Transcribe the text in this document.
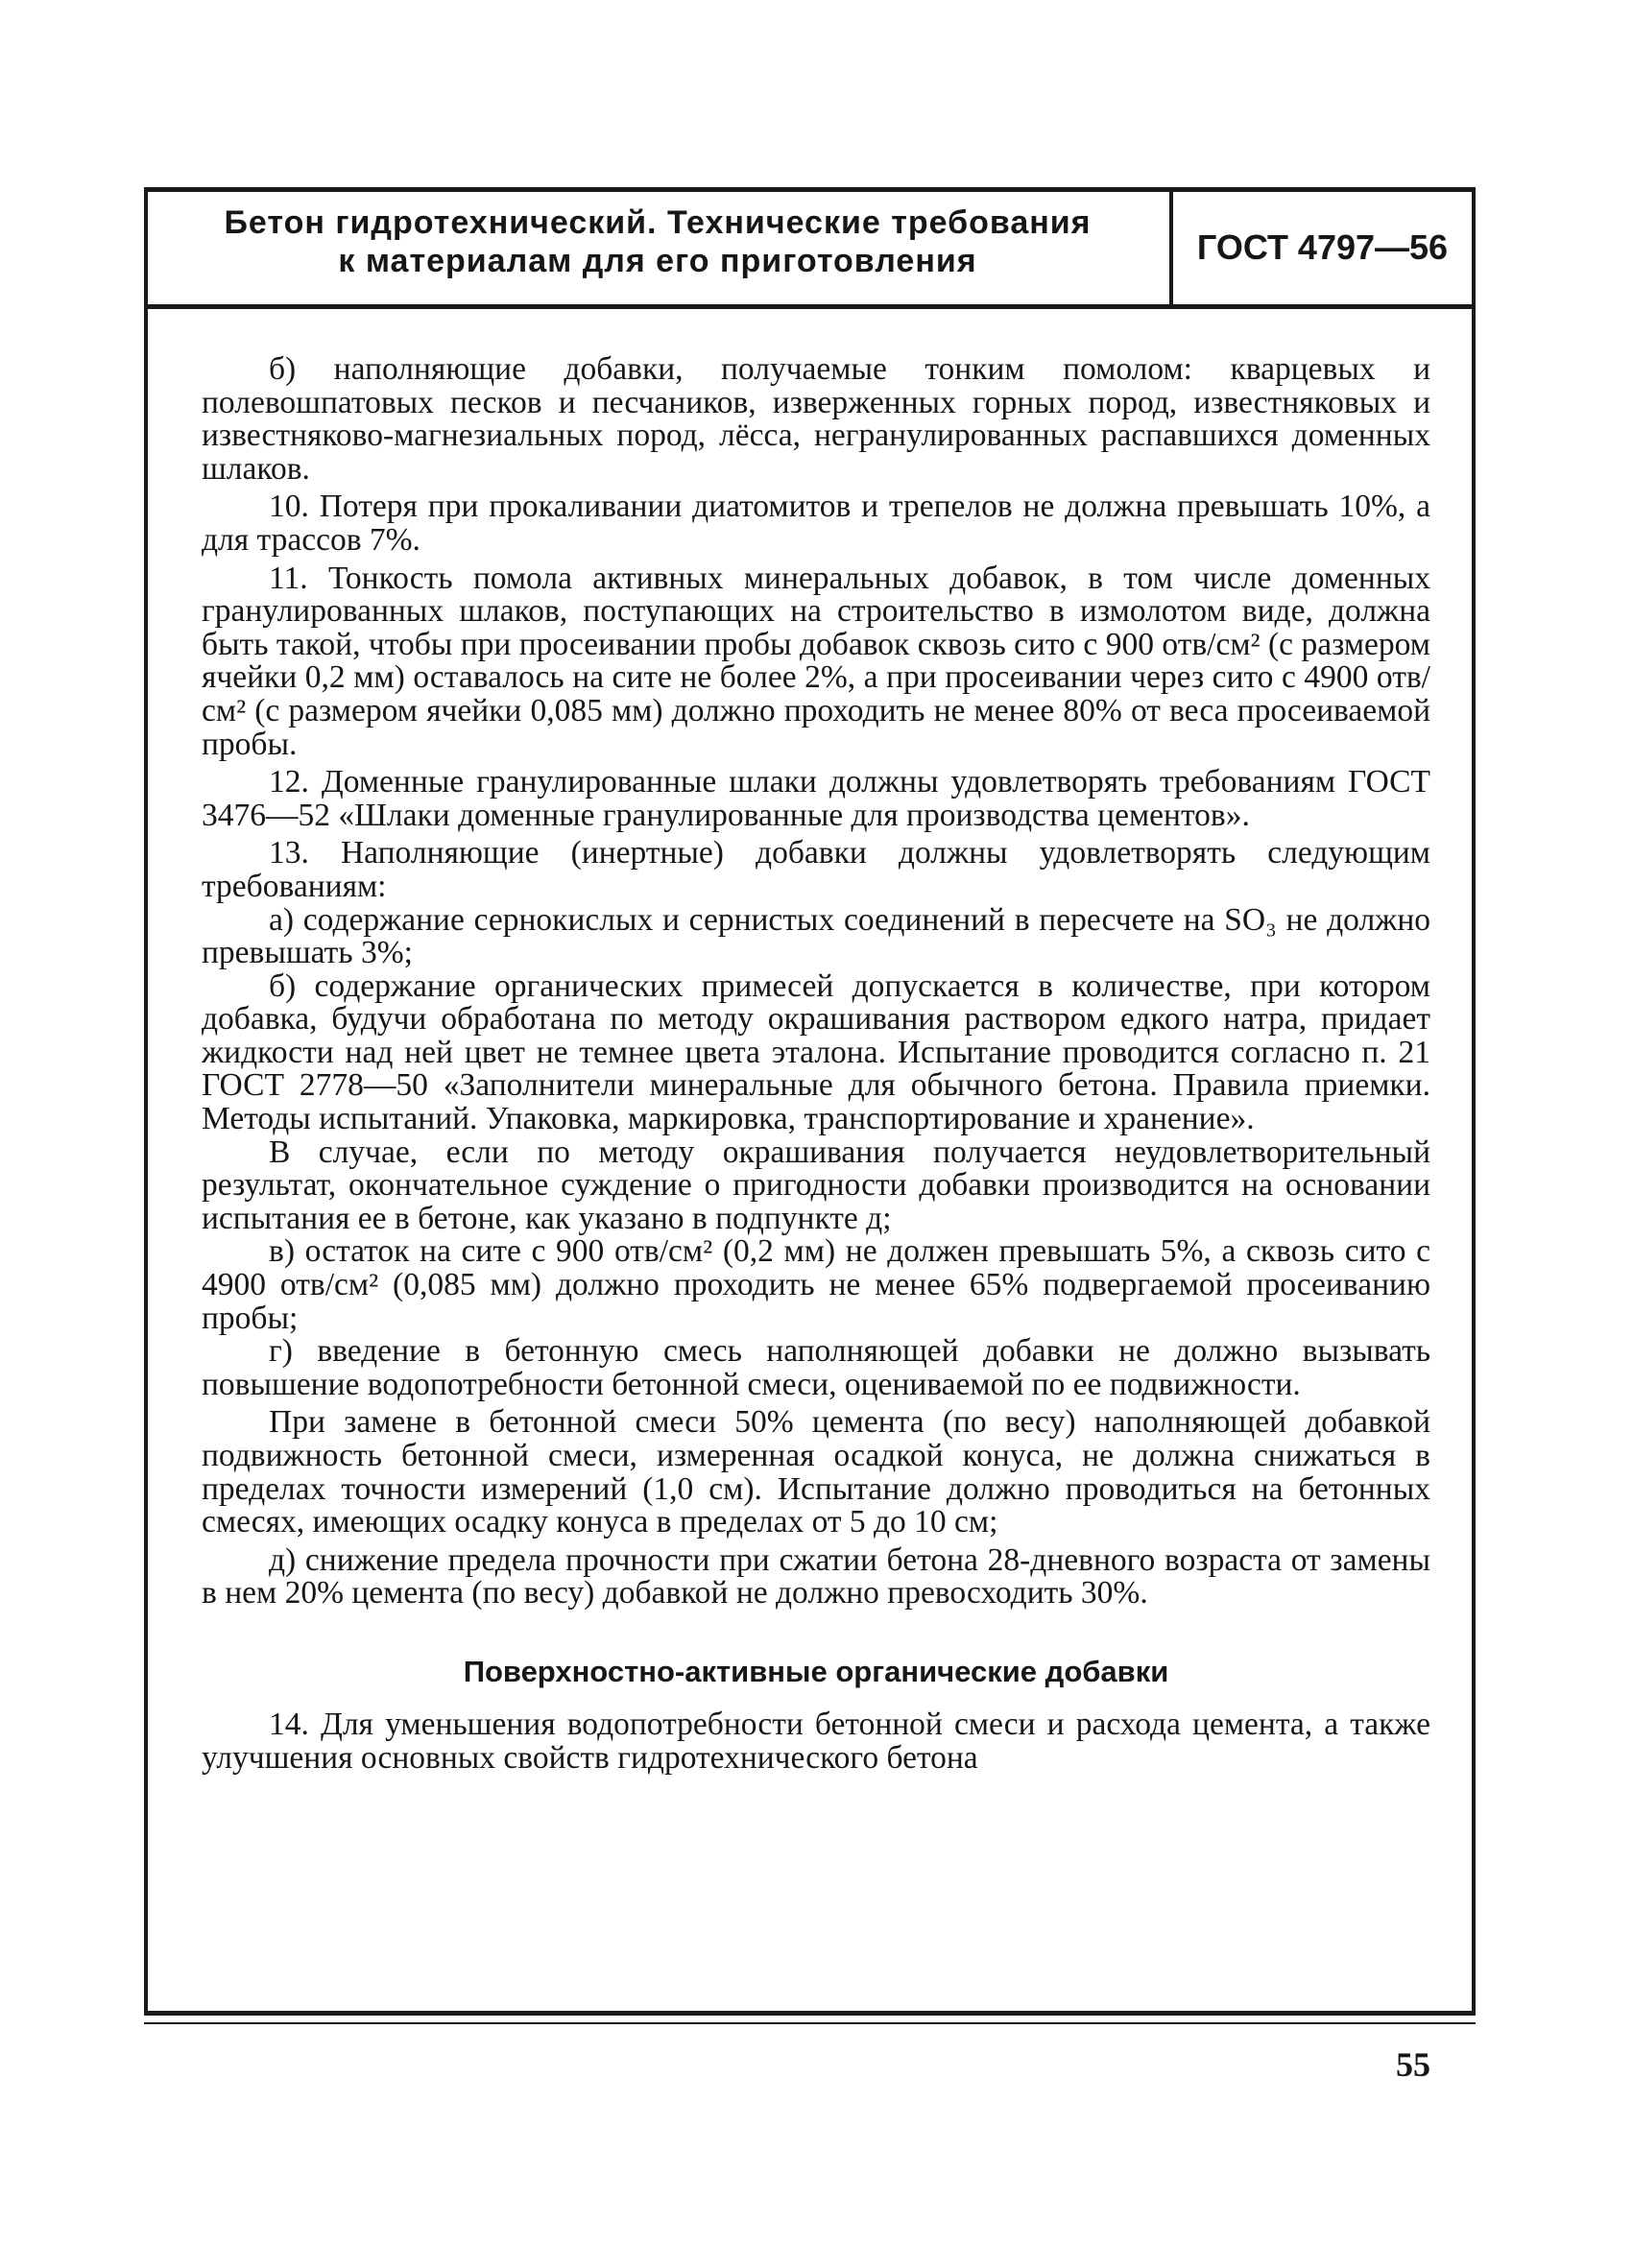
Бетон гидротехнический. Технические требования
к материалам для его приготовления	ГОСТ 4797—56

б) наполняющие добавки, получаемые тонким помолом: кварцевых и полевошпатовых песков и песчаников, изверженных горных пород, известняковых и известняково-магнезиальных пород, лёсса, негранулированных распавшихся доменных шлаков.

10. Потеря при прокаливании диатомитов и трепелов не должна превышать 10%, а для трассов 7%.

11. Тонкость помола активных минеральных добавок, в том числе доменных гранулированных шлаков, поступающих на строительство в измолотом виде, должна быть такой, чтобы при просеивании пробы добавок сквозь сито с 900 отв/см² (с размером ячейки 0,2 мм) оставалось на сите не более 2%, а при просеивании через сито с 4900 отв/см² (с размером ячейки 0,085 мм) должно проходить не менее 80% от веса просеиваемой пробы.

12. Доменные гранулированные шлаки должны удовлетворять требованиям ГОСТ 3476—52 «Шлаки доменные гранулированные для производства цементов».

13. Наполняющие (инертные) добавки должны удовлетворять следующим требованиям:

а) содержание сернокислых и сернистых соединений в пересчете на SO₃ не должно превышать 3%;

б) содержание органических примесей допускается в количестве, при котором добавка, будучи обработана по методу окрашивания раствором едкого натра, придает жидкости над ней цвет не темнее цвета эталона. Испытание проводится согласно п. 21 ГОСТ 2778—50 «Заполнители минеральные для обычного бетона. Правила приемки. Методы испытаний. Упаковка, маркировка, транспортирование и хранение».

В случае, если по методу окрашивания получается неудовлетворительный результат, окончательное суждение о пригодности добавки производится на основании испытания ее в бетоне, как указано в подпункте д;

в) остаток на сите с 900 отв/см² (0,2 мм) не должен превышать 5%, а сквозь сито с 4900 отв/см² (0,085 мм) должно проходить не менее 65% подвергаемой просеиванию пробы;

г) введение в бетонную смесь наполняющей добавки не должно вызывать повышение водопотребности бетонной смеси, оцениваемой по ее подвижности.

При замене в бетонной смеси 50% цемента (по весу) наполняющей добавкой подвижность бетонной смеси, измеренная осадкой конуса, не должна снижаться в пределах точности измерений (1,0 см). Испытание должно проводиться на бетонных смесях, имеющих осадку конуса в пределах от 5 до 10 см;

д) снижение предела прочности при сжатии бетона 28-дневного возраста от замены в нем 20% цемента (по весу) добавкой не должно превосходить 30%.

Поверхностно-активные органические добавки

14. Для уменьшения водопотребности бетонной смеси и расхода цемента, а также улучшения основных свойств гидротехнического бетона

55
